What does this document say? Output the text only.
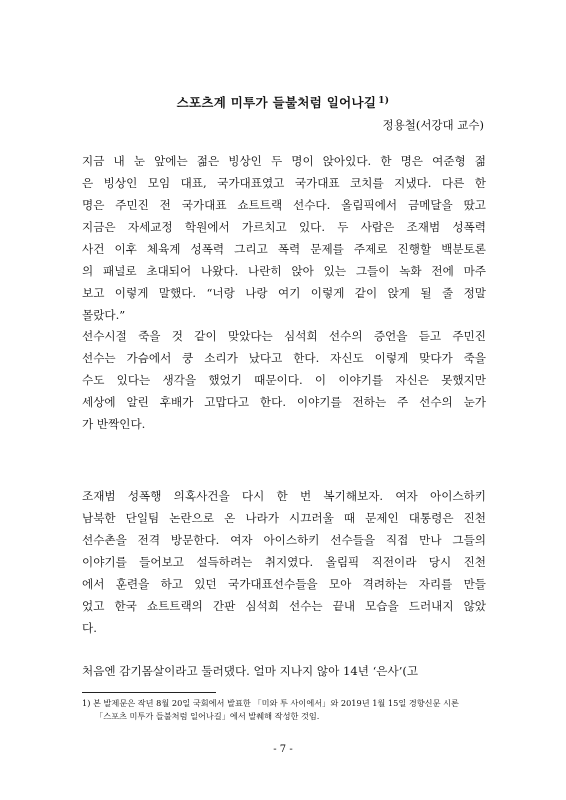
스포츠계 미투가 들불처럼 일어나길 $^{1)}$
정용철(서강대 교수)
지금 내 눈 앞에는 젊은 빙상인 두 명이 앉아있다. 한 명은 여준형 젊
은 빙상인 모임 대표, 국가대표였고 국가대표 코치를 지냈다. 다른 한
명은 주민진 전 국가대표 쇼트트랙 선수다. 올림픽에서 금메달을 땄고
지금은 자세교정 학원에서 가르치고 있다. 두 사람은 조재범 성폭력
사건 이후 체육계 성폭력 그리고 폭력 문제를 주제로 진행할 백분토론
의 패널로 초대되어 나왔다. 나란히 앉아 있는 그들이 녹화 전에 마주
보고 이렇게 말했다. “너랑 나랑 여기 이렇게 같이 앉게 될 줄 정말
몰랐다.”
선수시절 죽을 것 같이 맞았다는 심석희 선수의 증언을 듣고 주민진
선수는 가슴에서 쿵 소리가 났다고 한다. 자신도 이렇게 맞다가 죽을
수도 있다는 생각을 했었기 때문이다. 이 이야기를 자신은 못했지만
세상에 알린 후배가 고맙다고 한다. 이야기를 전하는 주 선수의 눈가
가 반짝인다.
조재범 성폭행 의혹사건을 다시 한 번 복기해보자. 여자 아이스하키
남북한 단일팀 논란으로 온 나라가 시끄러울 때 문제인 대통령은 진천
선수촌을 전격 방문한다. 여자 아이스하키 선수들을 직접 만나 그들의
이야기를 들어보고 설득하려는 취지였다. 올림픽 직전이라 당시 진천
에서 훈련을 하고 있던 국가대표선수들을 모아 격려하는 자리를 만들
었고 한국 쇼트트랙의 간판 심석희 선수는 끝내 모습을 드러내지 않았
다.
처음엔 감기몸살이라고 둘러댔다. 얼마 지나지 않아 14년 ‘은사’(고
1) 본 발제문은 작년 8월 20일 국회에서 발표한 「미와 투 사이에서」와 2019년 1월 15일 경향신문 시론
「스포츠 미투가 들불처럼 일어나길」에서 발췌해 작성한 것임.
- 7 -
